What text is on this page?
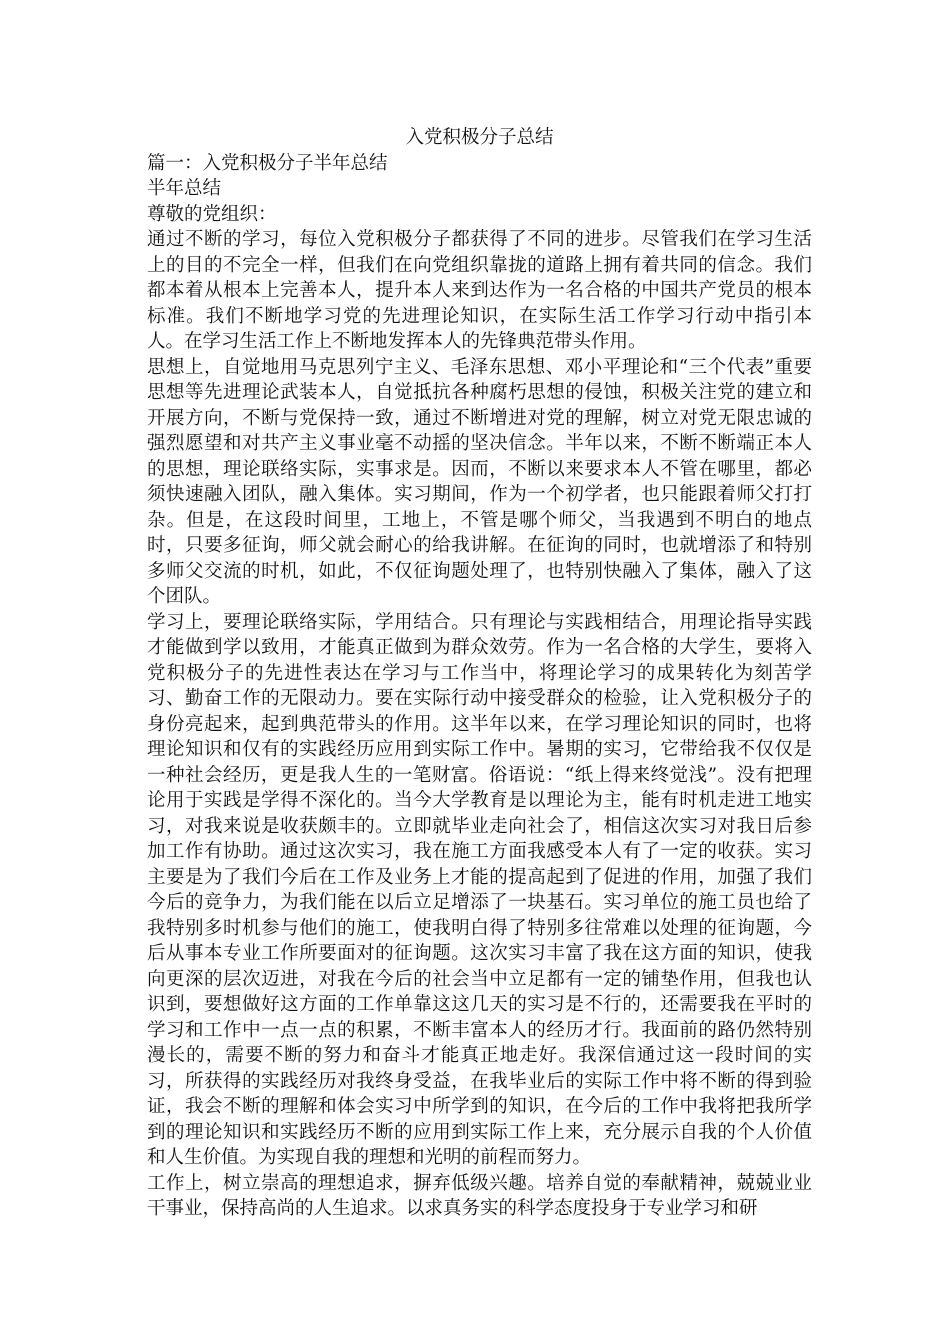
入党积极分子总结
篇一：入党积极分子半年总结
半年总结
尊敬的党组织：
通过不断的学习，每位入党积极分子都获得了不同的进步。尽管我们在学习生活上的目的不完全一样，但我们在向党组织靠拢的道路上拥有着共同的信念。我们都本着从根本上完善本人，提升本人来到达作为一名合格的中国共产党员的根本标准。我们不断地学习党的先进理论知识，在实际生活工作学习行动中指引本人。在学习生活工作上不断地发挥本人的先锋典范带头作用。
思想上，自觉地用马克思列宁主义、毛泽东思想、邓小平理论和“三个代表”重要思想等先进理论武装本人，自觉抵抗各种腐朽思想的侵蚀，积极关注党的建立和开展方向，不断与党保持一致，通过不断增进对党的理解，树立对党无限忠诚的强烈愿望和对共产主义事业毫不动摇的坚决信念。半年以来，不断不断端正本人的思想，理论联络实际，实事求是。因而，不断以来要求本人不管在哪里，都必须快速融入团队，融入集体。实习期间，作为一个初学者，也只能跟着师父打打杂。但是，在这段时间里，工地上，不管是哪个师父，当我遇到不明白的地点时，只要多征询，师父就会耐心的给我讲解。在征询的同时，也就增添了和特别多师父交流的时机，如此，不仅征询题处理了，也特别快融入了集体，融入了这个团队。
学习上，要理论联络实际，学用结合。只有理论与实践相结合，用理论指导实践才能做到学以致用，才能真正做到为群众效劳。作为一名合格的大学生，要将入党积极分子的先进性表达在学习与工作当中，将理论学习的成果转化为刻苦学习、勤奋工作的无限动力。要在实际行动中接受群众的检验，让入党积极分子的身份亮起来，起到典范带头的作用。这半年以来，在学习理论知识的同时，也将理论知识和仅有的实践经历应用到实际工作中。暑期的实习，它带给我不仅仅是一种社会经历，更是我人生的一笔财富。俗语说：“纸上得来终觉浅”。没有把理论用于实践是学得不深化的。当今大学教育是以理论为主，能有时机走进工地实习，对我来说是收获颇丰的。立即就毕业走向社会了，相信这次实习对我日后参加工作有协助。通过这次实习，我在施工方面我感受本人有了一定的收获。实习主要是为了我们今后在工作及业务上才能的提高起到了促进的作用，加强了我们今后的竞争力，为我们能在以后立足增添了一块基石。实习单位的施工员也给了我特别多时机参与他们的施工，使我明白得了特别多往常难以处理的征询题，今后从事本专业工作所要面对的征询题。这次实习丰富了我在这方面的知识，使我向更深的层次迈进，对我在今后的社会当中立足都有一定的铺垫作用，但我也认识到，要想做好这方面的工作单靠这这几天的实习是不行的，还需要我在平时的学习和工作中一点一点的积累，不断丰富本人的经历才行。我面前的路仍然特别漫长的，需要不断的努力和奋斗才能真正地走好。我深信通过这一段时间的实习，所获得的实践经历对我终身受益，在我毕业后的实际工作中将不断的得到验证，我会不断的理解和体会实习中所学到的知识，在今后的工作中我将把我所学到的理论知识和实践经历不断的应用到实际工作上来，充分展示自我的个人价值和人生价值。为实现自我的理想和光明的前程而努力。
工作上，树立崇高的理想追求，摒弃低级兴趣。培养自觉的奉献精神，兢兢业业干事业，保持高尚的人生追求。以求真务实的科学态度投身于专业学习和研
